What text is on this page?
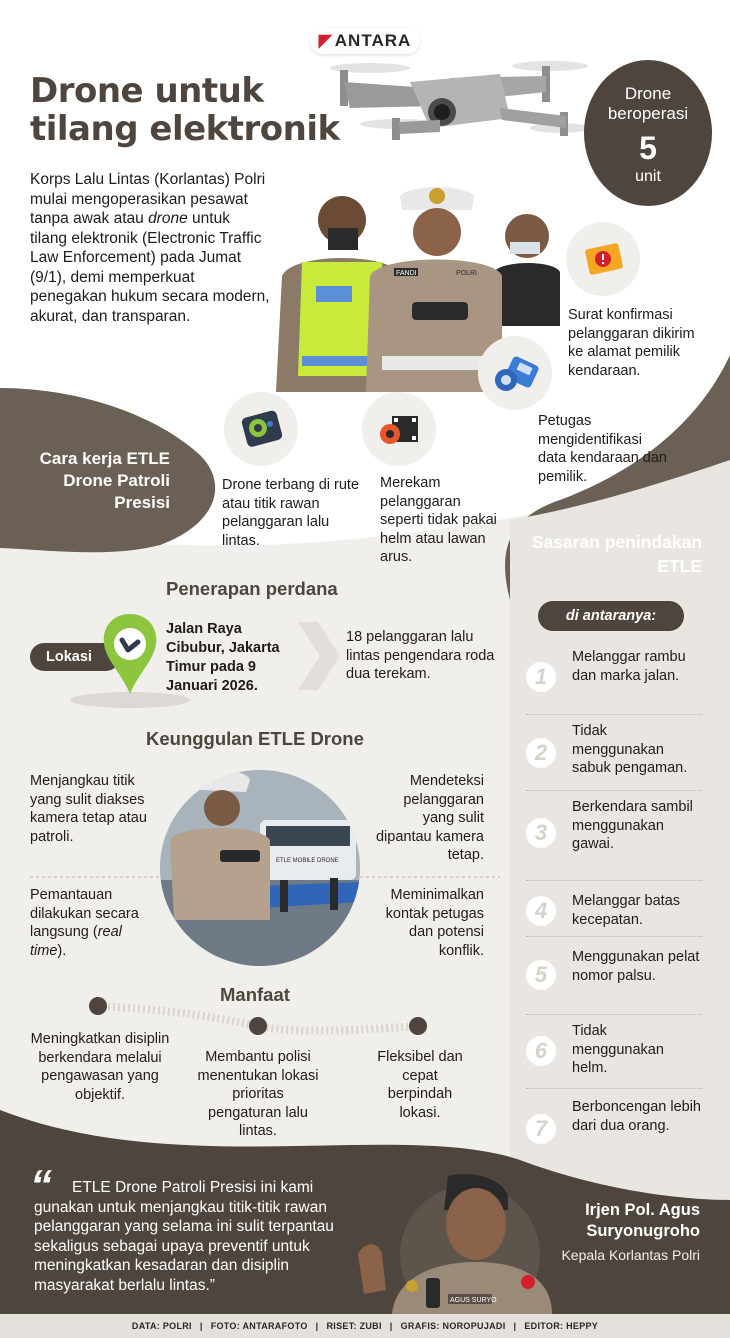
◤ ANTARA
Drone untuk
tilang elektronik
Drone beroperasi
5
unit
Korps Lalu Lintas (Korlantas) Polri mulai mengoperasikan pesawat tanpa awak atau drone untuk tilang elektronik (Electronic Traffic Law Enforcement) pada Jumat (9/1), demi memperkuat penegakan hukum secara modern, akurat, dan transparan.
FANDI	POLRI
Cara kerja ETLE Drone Patroli Presisi
Drone terbang di rute atau titik rawan pelanggaran lalu lintas.
Merekam pelanggaran seperti tidak pakai helm atau lawan arus.
Petugas mengidentifikasi data kendaraan dan pemilik.
Surat konfirmasi pelanggaran dikirim ke alamat pemilik kendaraan.
Sasaran penindakan ETLE
di antaranya:
1
Melanggar rambu dan marka jalan.
2
Tidak menggunakan sabuk pengaman.
3
Berkendara sambil menggunakan gawai.
4	Melanggar batas kecepatan.
5
Menggunakan pelat nomor palsu.
6
Tidak menggunakan helm.
7
Berboncengan lebih dari dua orang.
Penerapan perdana
Lokasi
Jalan Raya Cibubur, Jakarta Timur pada 9 Januari 2026.
18 pelanggaran lalu lintas pengendara roda dua terekam.
Keunggulan ETLE Drone
ETLE MOBILE DRONE
Menjangkau titik yang sulit diakses kamera tetap atau patroli.
Pemantauan dilakukan secara langsung (real time).
Mendeteksi pelanggaran yang sulit dipantau kamera tetap.
Meminimalkan kontak petugas dan potensi konflik.
Manfaat
Meningkatkan disiplin berkendara melalui pengawasan yang objektif.
Membantu polisi menentukan lokasi prioritas pengaturan lalu lintas.
Fleksibel dan cepat berpindah lokasi.
“	ETLE Drone Patroli Presisi ini kami gunakan untuk menjangkau titik-titik rawan pelanggaran yang selama ini sulit terpantau sekaligus sebagai upaya preventif untuk meningkatkan kesadaran dan disiplin masyarakat berlalu lintas.”
AGUS SURYO
Irjen Pol. Agus Suryonugroho
Kepala Korlantas Polri
DATA: POLRI | FOTO: ANTARAFOTO | RISET: ZUBI | GRAFIS: NOROPUJADI | EDITOR: HEPPY
